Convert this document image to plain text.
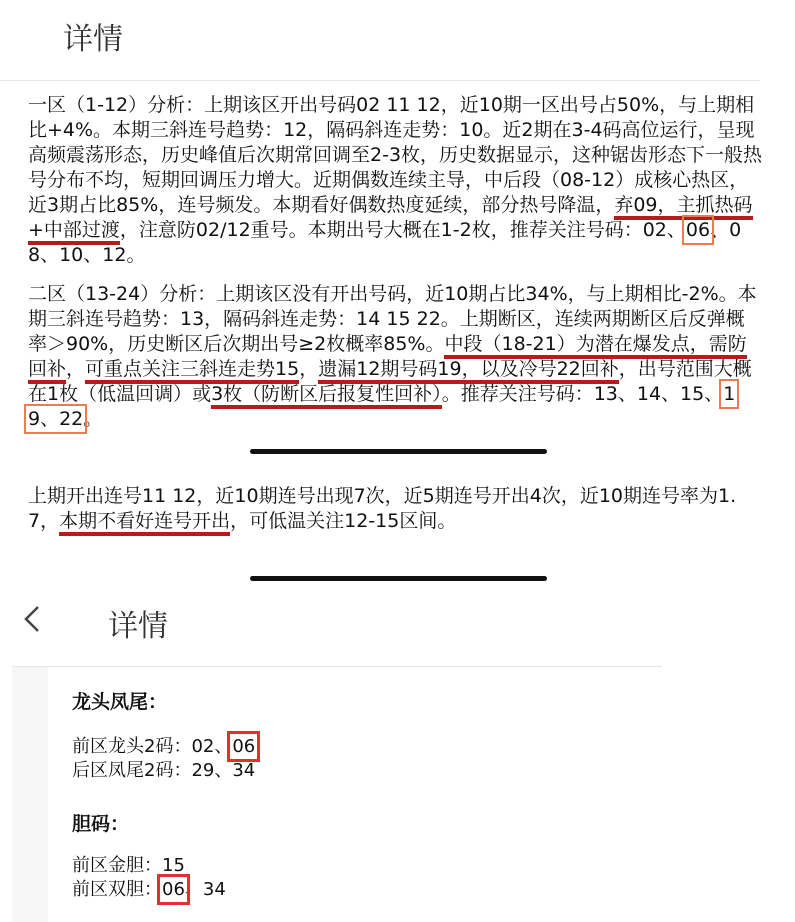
详情

一区（1-12）分析：上期该区开出号码02 11 12，近10期一区出号占50%，与上期相比+4%。本期三斜连号趋势：12，隔码斜连走势：10。近2期在3-4码高位运行，呈现高频震荡形态，历史峰值后次期常回调至2-3枚，历史数据显示，这种锯齿形态下一般热号分布不均，短期回调压力增大。近期偶数连续主导，中后段（08-12）成核心热区，近3期占比85%，连号频发。本期看好偶数热度延续，部分热号降温，弃09，主抓热码+中部过渡，注意防02/12重号。本期出号大概在1-2枚，推荐关注号码：02、06、08、10、12。

二区（13-24）分析：上期该区没有开出号码，近10期占比34%，与上期相比-2%。本期三斜连号趋势：13，隔码斜连走势：14 15 22。上期断区，连续两期断区后反弹概率＞90%，历史断区后次期出号≥2枚概率85%。中段（18-21）为潜在爆发点，需防回补，可重点关注三斜连走势15，遗漏12期号码19，以及冷号22回补，出号范围大概在1枚（低温回调）或3枚（防断区后报复性回补）。推荐关注号码：13、14、15、19、22。

上期开出连号11 12，近10期连号出现7次，近5期连号开出4次，近10期连号率为1.7，本期不看好连号开出，可低温关注12-15区间。

详情
龙头凤尾：
前区龙头2码：02、06
后区凤尾2码：29、34
胆码：
前区金胆：15
前区双胆：06、34
